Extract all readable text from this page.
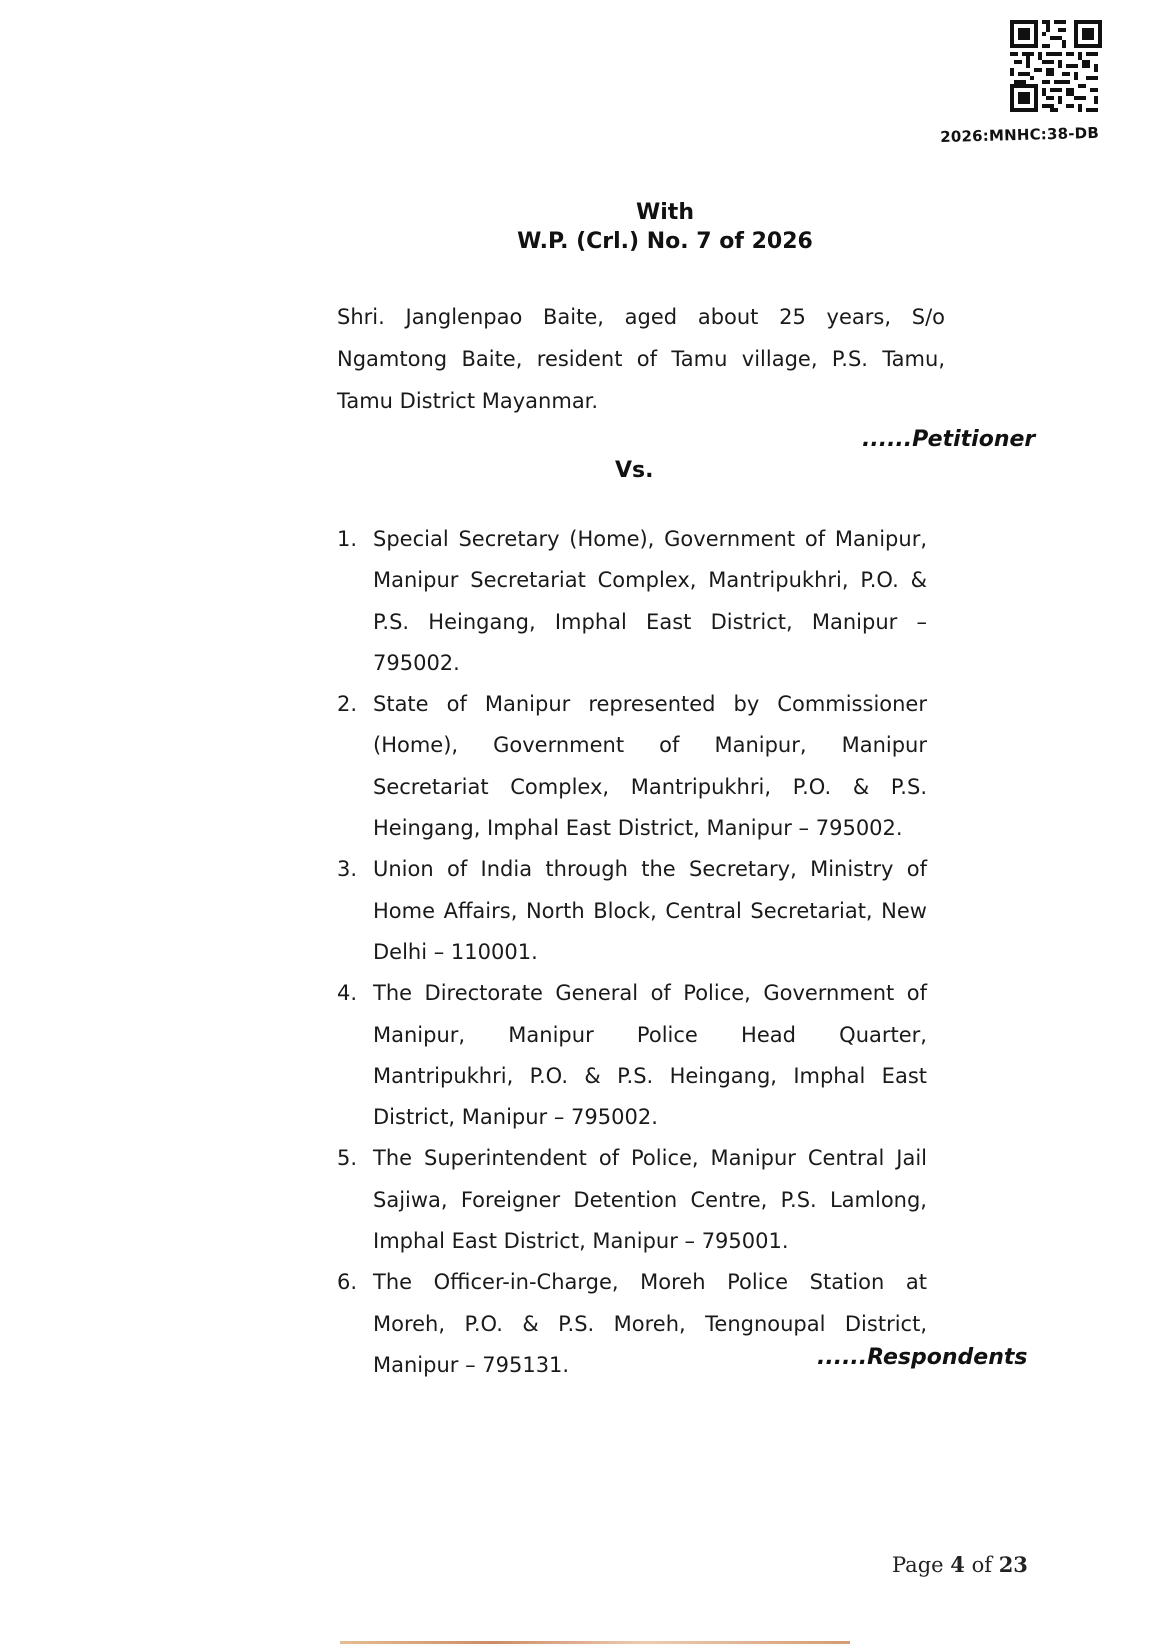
2026:MNHC:38-DB
With
W.P. (Crl.) No. 7 of 2026
Shri. Janglenpao Baite, aged about 25 years, S/o Ngamtong Baite, resident of Tamu village, P.S. Tamu, Tamu District Mayanmar.
......Petitioner
Vs.
1. Special Secretary (Home), Government of Manipur, Manipur Secretariat Complex, Mantripukhri, P.O. & P.S. Heingang, Imphal East District, Manipur – 795002.
2. State of Manipur represented by Commissioner (Home), Government of Manipur, Manipur Secretariat Complex, Mantripukhri, P.O. & P.S. Heingang, Imphal East District, Manipur – 795002.
3. Union of India through the Secretary, Ministry of Home Affairs, North Block, Central Secretariat, New Delhi – 110001.
4. The Directorate General of Police, Government of Manipur, Manipur Police Head Quarter, Mantripukhri, P.O. & P.S. Heingang, Imphal East District, Manipur – 795002.
5. The Superintendent of Police, Manipur Central Jail Sajiwa, Foreigner Detention Centre, P.S. Lamlong, Imphal East District, Manipur – 795001.
6. The Officer-in-Charge, Moreh Police Station at Moreh, P.O. & P.S. Moreh, Tengnoupal District, Manipur – 795131.	......Respondents
Page 4 of 23
